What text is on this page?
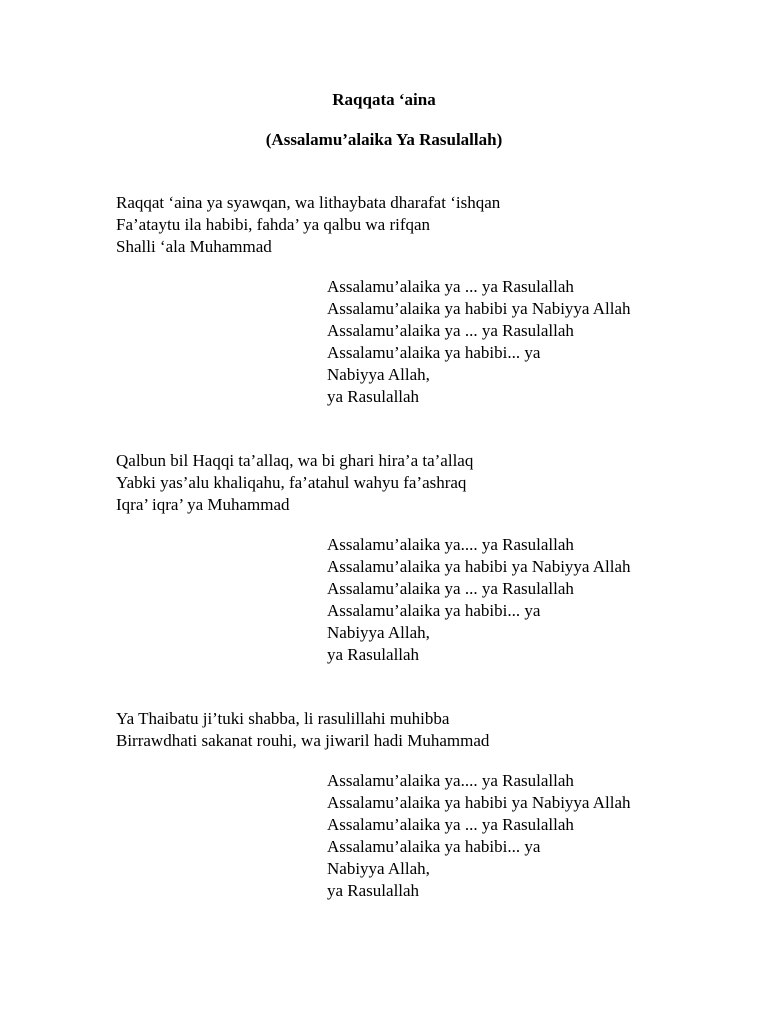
Raqqata ‘aina
(Assalamu’alaika Ya Rasulallah)
Raqqat ‘aina ya syawqan, wa lithaybata dharafat ‘ishqan
Fa’ataytu ila habibi, fahda’ ya qalbu wa rifqan
Shalli ‘ala Muhammad
Assalamu’alaika ya ... ya Rasulallah
Assalamu’alaika ya habibi ya Nabiyya Allah
Assalamu’alaika ya ... ya Rasulallah
Assalamu’alaika ya habibi... ya Nabiyya Allah,
ya Rasulallah
Qalbun bil Haqqi ta’allaq, wa bi ghari hira’a ta’allaq
Yabki yas’alu khaliqahu, fa’atahul wahyu fa’ashraq
Iqra’ iqra’ ya Muhammad
Assalamu’alaika ya.... ya Rasulallah
Assalamu’alaika ya habibi ya Nabiyya Allah
Assalamu’alaika ya ... ya Rasulallah
Assalamu’alaika ya habibi... ya Nabiyya Allah,
ya Rasulallah
Ya Thaibatu ji’tuki shabba, li rasulillahi muhibba
Birrawdhati sakanat rouhi, wa jiwaril hadi Muhammad
Assalamu’alaika ya.... ya Rasulallah
Assalamu’alaika ya habibi ya Nabiyya Allah
Assalamu’alaika ya ... ya Rasulallah
Assalamu’alaika ya habibi... ya Nabiyya Allah,
ya Rasulallah
